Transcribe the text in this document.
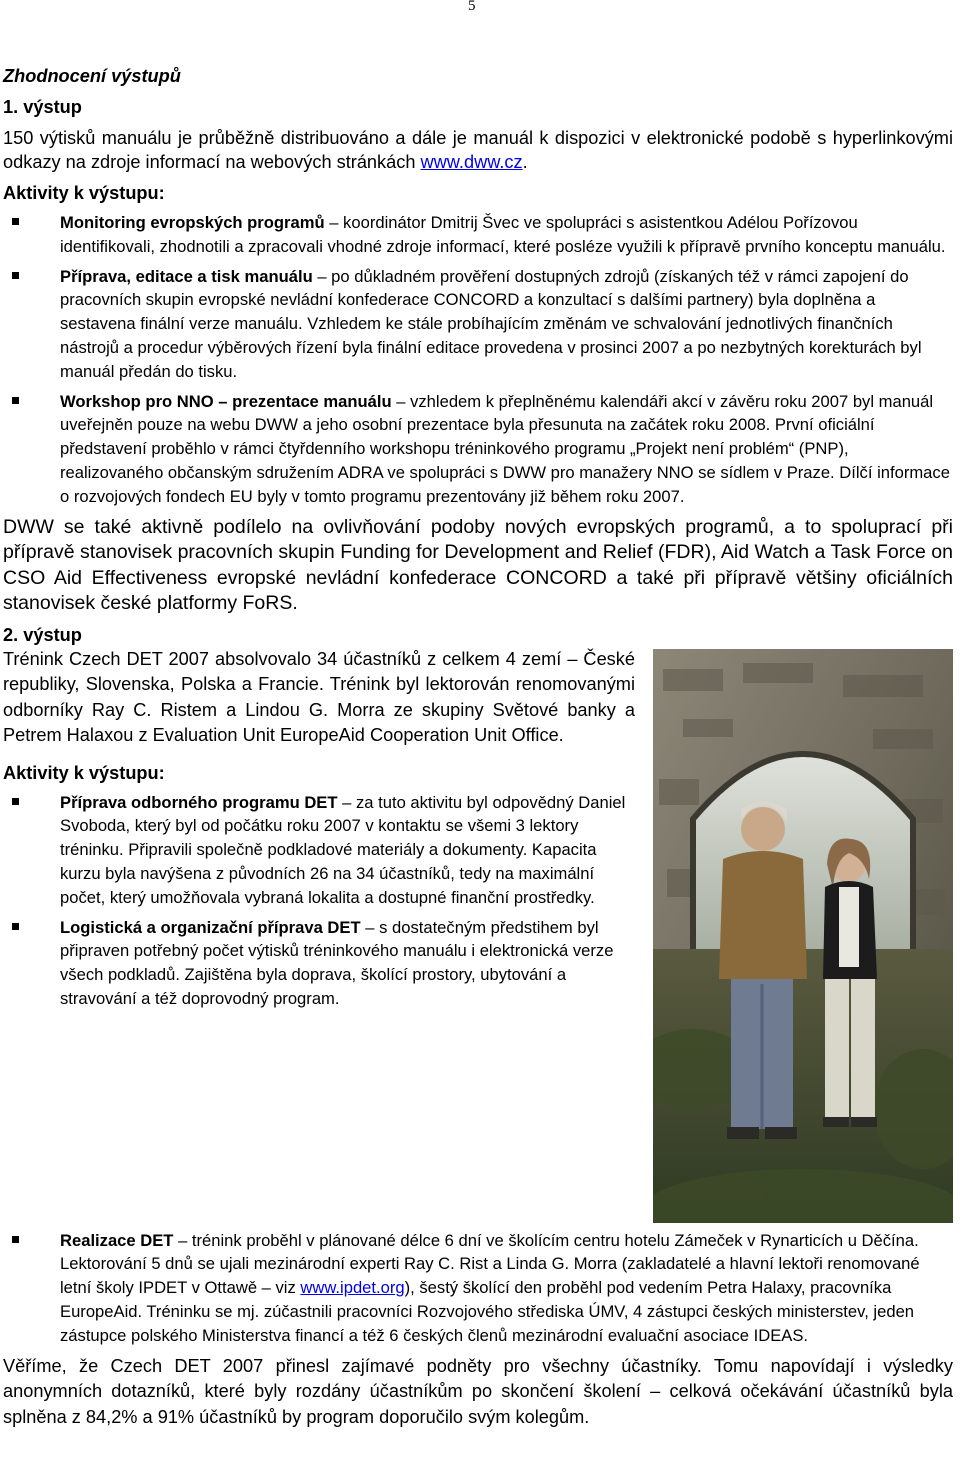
5

Zhodnocení výstupů

1. výstup

150 výtisků manuálu je průběžně distribuováno a dále je manuál k dispozici v elektronické podobě s hyperlinkovými odkazy na zdroje informací na webových stránkách www.dww.cz.

Aktivity k výstupu:

Monitoring evropských programů – koordinátor Dmitrij Švec ve spolupráci s asistentkou Adélou Pořízovou identifikovali, zhodnotili a zpracovali vhodné zdroje informací, které posléze využili k přípravě prvního konceptu manuálu.
Příprava, editace a tisk manuálu – po důkladném prověření dostupných zdrojů (získaných též v rámci zapojení do pracovních skupin evropské nevládní konfederace CONCORD a konzultací s dalšími partnery) byla doplněna a sestavena finální verze manuálu. Vzhledem ke stále probíhajícím změnám ve schvalování jednotlivých finančních nástrojů a procedur výběrových řízení byla finální editace provedena v prosinci 2007 a po nezbytných korekturách byl manuál předán do tisku.
Workshop pro NNO – prezentace manuálu – vzhledem k přeplněnému kalendáři akcí v závěru roku 2007 byl manuál uveřejněn pouze na webu DWW a jeho osobní prezentace byla přesunuta na začátek roku 2008. První oficiální představení proběhlo v rámci čtyřdenního workshopu tréninkového programu „Projekt není problém“ (PNP), realizovaného občanským sdružením ADRA ve spolupráci s DWW pro manažery NNO se sídlem v Praze. Dílčí informace o rozvojových fondech EU byly v tomto programu prezentovány již během roku 2007.

DWW se také aktivně podílelo na ovlivňování podoby nových evropských programů, a to spoluprací při přípravě stanovisek pracovních skupin Funding for Development and Relief (FDR), Aid Watch a Task Force on CSO Aid Effectiveness evropské nevládní konfederace CONCORD a také při přípravě většiny oficiálních stanovisek české platformy FoRS.

2. výstup

Trénink Czech DET 2007 absolvovalo 34 účastníků z celkem 4 zemí – České republiky, Slovenska, Polska a Francie. Trénink byl lektorován renomovanými odborníky Ray C. Ristem a Lindou G. Morra ze skupiny Světové banky a Petrem Halaxou z Evaluation Unit EuropeAid Cooperation Unit Office.

Aktivity k výstupu:

Příprava odborného programu DET – za tuto aktivitu byl odpovědný Daniel Svoboda, který byl od počátku roku 2007 v kontaktu se všemi 3 lektory tréninku. Připravili společně podkladové materiály a dokumenty. Kapacita kurzu byla navýšena z původních 26 na 34 účastníků, tedy na maximální počet, který umožňovala vybraná lokalita a dostupné finanční prostředky.
Logistická a organizační příprava DET – s dostatečným předstihem byl připraven potřebný počet výtisků tréninkového manuálu i elektronická verze všech podkladů. Zajištěna byla doprava, školící prostory, ubytování a stravování a též doprovodný program.
Realizace DET – trénink proběhl v plánované délce 6 dní ve školícím centru hotelu Zámeček v Rynarticích u Děčína. Lektorování 5 dnů se ujali mezinárodní experti Ray C. Rist a Linda G. Morra (zakladatelé a hlavní lektoři renomované letní školy IPDET v Ottawě – viz www.ipdet.org), šestý školící den proběhl pod vedením Petra Halaxy, pracovníka EuropeAid. Tréninku se mj. zúčastnili pracovníci Rozvojového střediska ÚMV, 4 zástupci českých ministerstev, jeden zástupce polského Ministerstva financí a též 6 českých členů mezinárodní evaluační asociace IDEAS.

Věříme, že Czech DET 2007 přinesl zajímavé podněty pro všechny účastníky. Tomu napovídají i výsledky anonymních dotazníků, které byly rozdány účastníkům po skončení školení – celková očekávání účastníků byla splněna z 84,2% a 91% účastníků by program doporučilo svým kolegům.
